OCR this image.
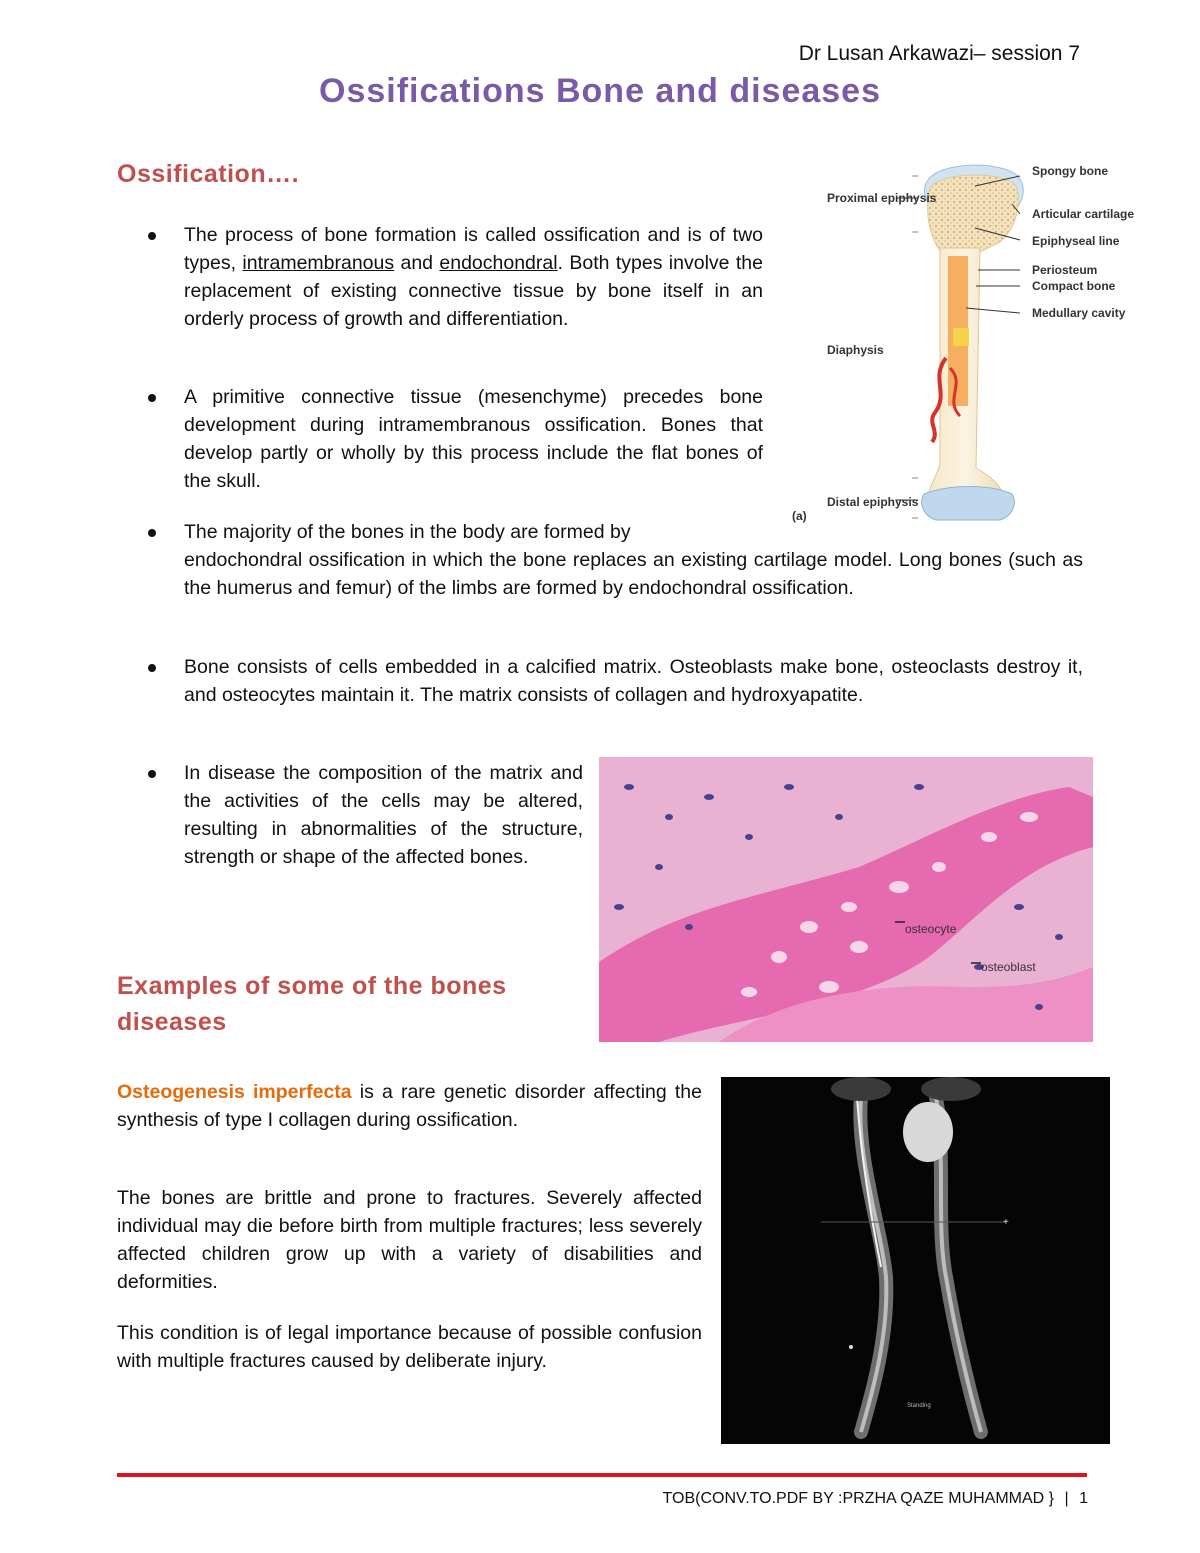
Dr Lusan Arkawazi– session 7
Ossifications Bone and diseases
Ossification….
The process of bone formation is called ossification and is of two types, intramembranous and endochondral. Both types involve the replacement of existing connective tissue by bone itself in an orderly process of growth and differentiation.
A primitive connective tissue (mesenchyme) precedes bone development during intramembranous ossification. Bones that develop partly or wholly by this process include the flat bones of the skull.
The majority of the bones in the body are formed by
endochondral ossification in which the bone replaces an existing cartilage model. Long bones (such as the humerus and femur) of the limbs are formed by endochondral ossification.
Bone consists of cells embedded in a calcified matrix. Osteoblasts make bone, osteoclasts destroy it, and osteocytes maintain it. The matrix consists of collagen and hydroxyapatite.
In disease the composition of the matrix and the activities of the cells may be altered, resulting in abnormalities of the structure, strength or shape of the affected bones.
Spongy bone
Articular cartilage
Epiphyseal line
Periosteum
Compact bone
Medullary cavity
Proximal epiphysis
Diaphysis
Distal epiphysis
(a)
osteocyte
osteoblast
Examples of some of the bones diseases
Osteogenesis imperfecta is a rare genetic disorder affecting the synthesis of type I collagen during ossification.
The bones are brittle and prone to fractures. Severely affected individual may die before birth from multiple fractures; less severely affected children grow up with a variety of disabilities and deformities.
This condition is of legal importance because of possible confusion with multiple fractures caused by deliberate injury.
+
Standing
TOB(CONV.TO.PDF BY :PRZHA QAZE MUHAMMAD } | 1
